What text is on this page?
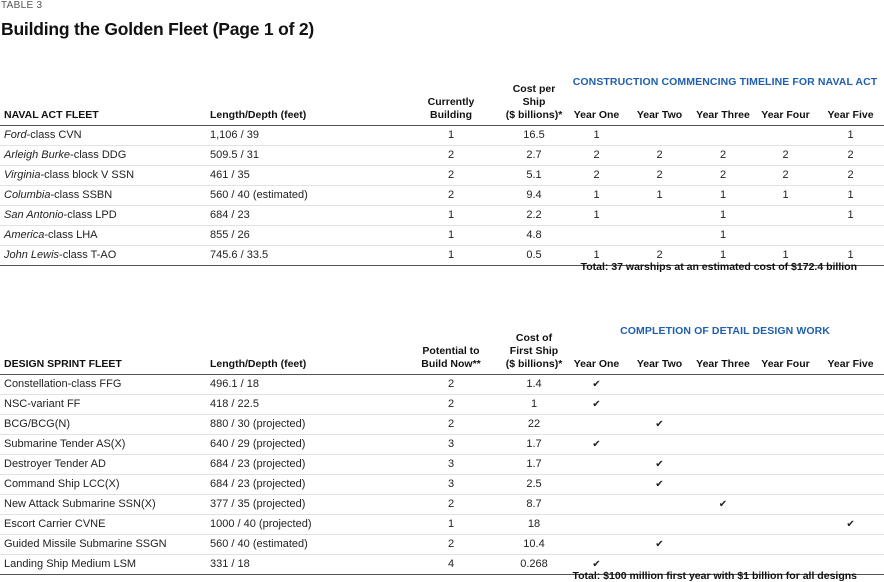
TABLE 3
Building the Golden Fleet (Page 1 of 2)
			Cost per	CONSTRUCTION COMMENCING TIMELINE FOR NAVAL ACT				
NAVAL ACT FLEET	Length/Depth (feet)	Currently
Building	Ship
($ billions)*	Year One	Year Two	Year Three	Year Four	Year Five
Ford-class CVN	1,106 / 39	1	16.5	1				1
Arleigh Burke-class DDG	509.5 / 31	2	2.7	2	2	2	2	2
Virginia-class block V SSN	461 / 35	2	5.1	2	2	2	2	2
Columbia-class SSBN	560 / 40 (estimated)	2	9.4	1	1	1	1	1
San Antonio-class LPD	684 / 23	1	2.2	1		1		1
America-class LHA	855 / 26	1	4.8			1		
John Lewis-class T-AO	745.6 / 33.5	1	0.5	1	2	1	1	1
Total: 37 warships at an estimated cost of $172.4 billion
			Cost of	COMPLETION OF DETAIL DESIGN WORK				
DESIGN SPRINT FLEET	Length/Depth (feet)	Potential to
Build Now**	First Ship
($ billions)*	Year One	Year Two	Year Three	Year Four	Year Five
Constellation-class FFG	496.1 / 18	2	1.4	✔				
NSC-variant FF	418 / 22.5	2	1	✔				
BCG/BCG(N)	880 / 30 (projected)	2	22		✔			
Submarine Tender AS(X)	640 / 29 (projected)	3	1.7	✔				
Destroyer Tender AD	684 / 23 (projected)	3	1.7		✔			
Command Ship LCC(X)	684 / 23 (projected)	3	2.5		✔			
New Attack Submarine SSN(X)	377 / 35 (projected)	2	8.7			✔		
Escort Carrier CVNE	1000 / 40 (projected)	1	18					✔
Guided Missile Submarine SSGN	560 / 40 (estimated)	2	10.4		✔			
Landing Ship Medium LSM	331 / 18	4	0.268	✔				
Total: $100 million first year with $1 billion for all designs
